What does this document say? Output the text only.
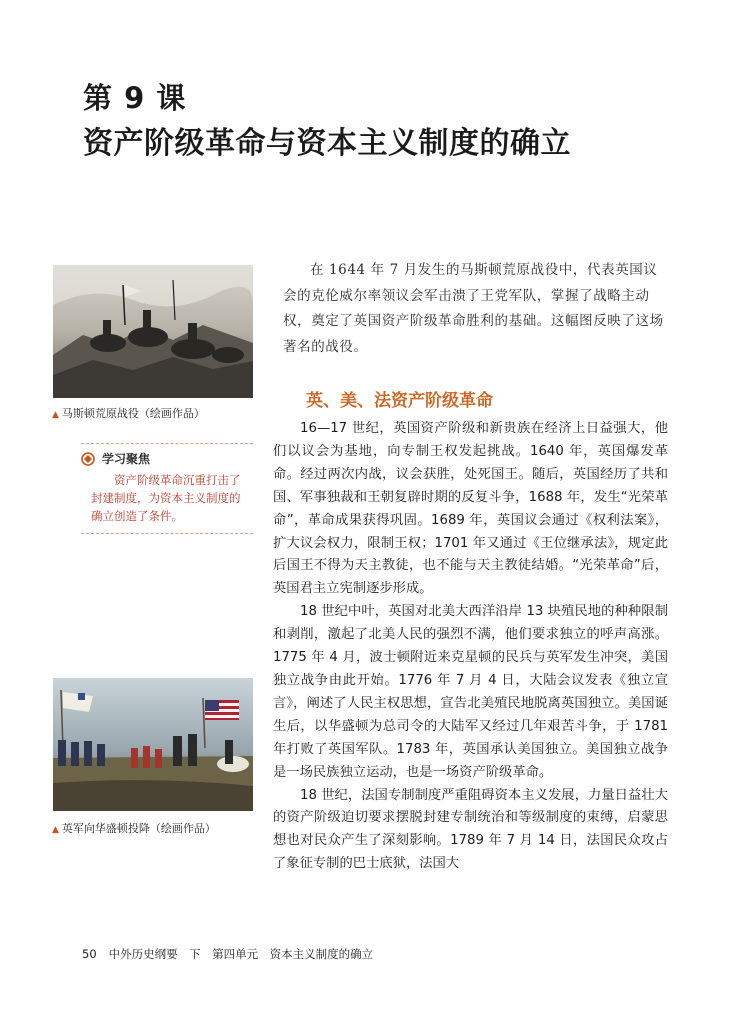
第 9 课
资产阶级革命与资本主义制度的确立
▲ 马斯顿荒原战役（绘画作品）
学习聚焦

资产阶级革命沉重打击了封建制度，为资本主义制度的确立创造了条件。

▲ 英军向华盛顿投降（绘画作品）

在 1644 年 7 月发生的马斯顿荒原战役中，代表英国议会的克伦威尔率领议会军击溃了王党军队，掌握了战略主动权，奠定了英国资产阶级革命胜利的基础。这幅图反映了这场著名的战役。

英、美、法资产阶级革命

16—17 世纪，英国资产阶级和新贵族在经济上日益强大，他们以议会为基地，向专制王权发起挑战。1640 年，英国爆发革命。经过两次内战，议会获胜，处死国王。随后，英国经历了共和国、军事独裁和王朝复辟时期的反复斗争，1688 年，发生“光荣革命”，革命成果获得巩固。1689 年，英国议会通过《权利法案》，扩大议会权力，限制王权；1701 年又通过《王位继承法》，规定此后国王不得为天主教徒，也不能与天主教徒结婚。“光荣革命”后，英国君主立宪制逐步形成。

18 世纪中叶，英国对北美大西洋沿岸 13 块殖民地的种种限制和剥削，激起了北美人民的强烈不满，他们要求独立的呼声高涨。1775 年 4 月，波士顿附近来克星顿的民兵与英军发生冲突，美国独立战争由此开始。1776 年 7 月 4 日，大陆会议发表《独立宣言》，阐述了人民主权思想，宣告北美殖民地脱离英国独立。美国诞生后，以华盛顿为总司令的大陆军又经过几年艰苦斗争，于 1781 年打败了英国军队。1783 年，英国承认美国独立。美国独立战争是一场民族独立运动，也是一场资产阶级革命。

18 世纪，法国专制制度严重阻碍资本主义发展，力量日益壮大的资产阶级迫切要求摆脱封建专制统治和等级制度的束缚，启蒙思想也对民众产生了深刻影响。1789 年 7 月 14 日，法国民众攻占了象征专制的巴士底狱，法国大

50 中外历史纲要　下　第四单元　资本主义制度的确立
